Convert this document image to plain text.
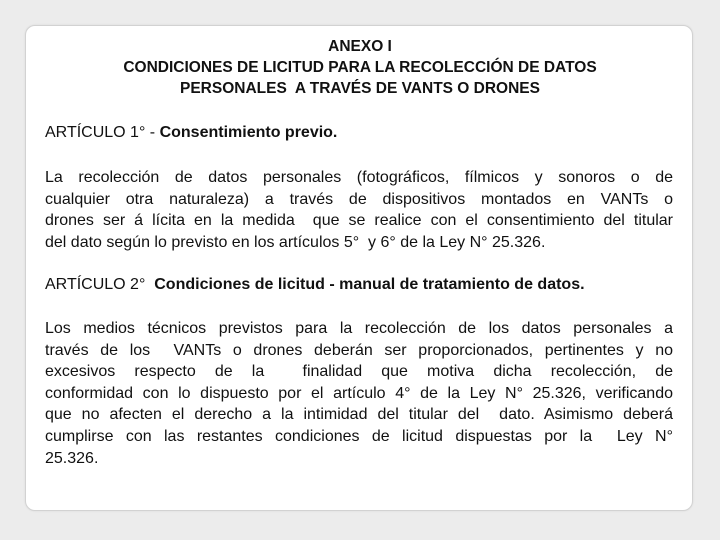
ANEXO I
CONDICIONES DE LICITUD PARA LA RECOLECCIÓN DE DATOS
PERSONALES  A TRAVÉS DE VANTS O DRONES
ARTÍCULO 1° - Consentimiento previo.
La recolección de datos personales (fotográficos, fílmicos y sonoros o de
cualquier otra naturaleza) a través de dispositivos montados en VANTs o
drones ser á lícita en la medida  que se realice con el consentimiento del titular
del dato según lo previsto en los artículos 5°  y 6° de la Ley N° 25.326.
ARTÍCULO 2°  Condiciones de licitud - manual de tratamiento de datos.
Los medios técnicos previstos para la recolección de los datos personales a
través de los  VANTs o drones deberán ser proporcionados, pertinentes y no
excesivos respecto de la  finalidad que motiva dicha recolección, de
conformidad con lo dispuesto por el artículo 4° de la Ley N° 25.326, verificando
que no afecten el derecho a la intimidad del titular del  dato. Asimismo deberá
cumplirse con las restantes condiciones de licitud dispuestas por la  Ley N°
25.326.
